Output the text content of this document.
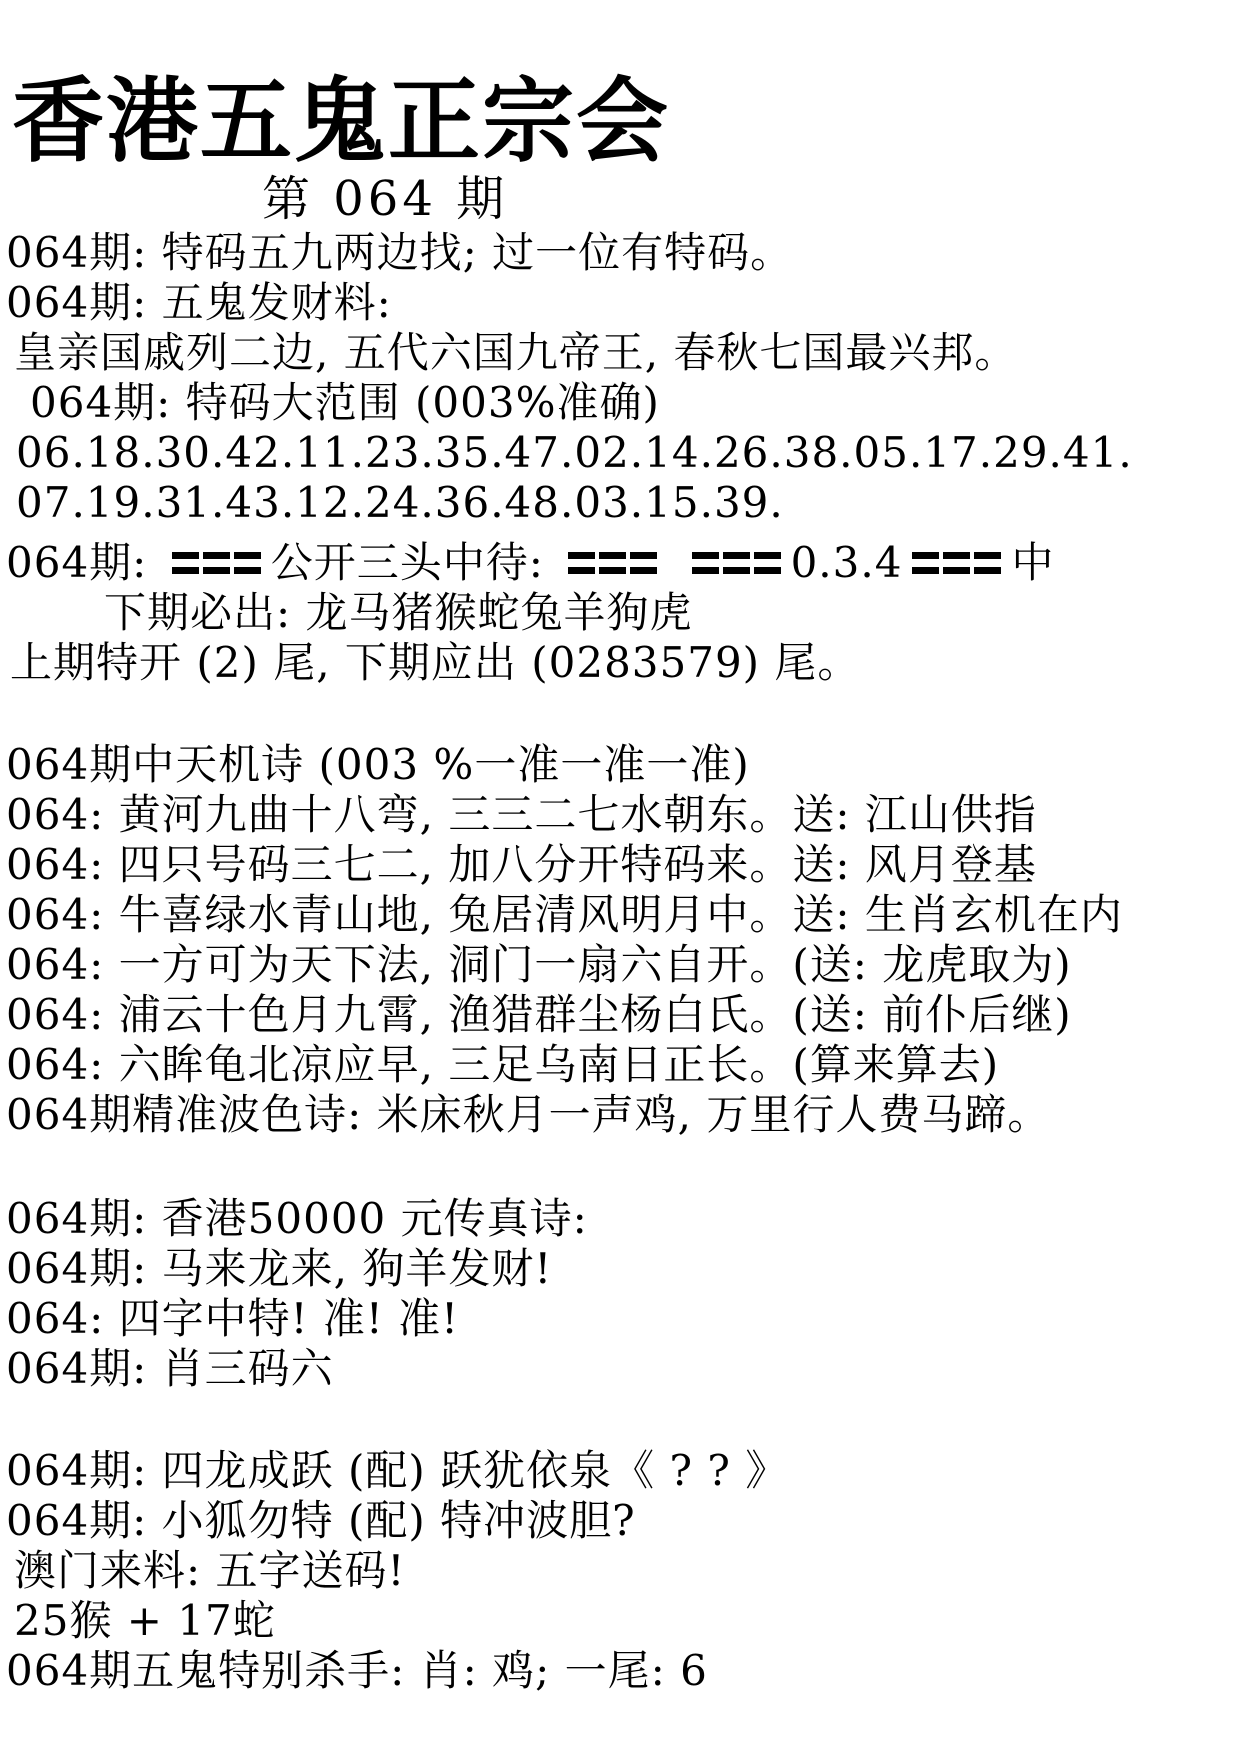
香港五鬼正宗会
第 064 期
064期: 特码五九两边找; 过一位有特码。
064期: 五鬼发财料:
皇亲国戚列二边, 五代六国九帝王, 春秋七国最兴邦。
064期: 特码大范围 (003%准确)
06.18.30.42.11.23.35.47.02.14.26.38.05.17.29.41.
07.19.31.43.12.24.36.48.03.15.39.
下期必出: 龙马猪猴蛇兔羊狗虎
上期特开 (2) 尾, 下期应出 (0283579) 尾。
064期中天机诗 (003 %一准一准一准)
064: 黄河九曲十八弯, 三三二七水朝东。送: 江山供指
064: 四只号码三七二, 加八分开特码来。送: 风月登基
064: 牛喜绿水青山地, 兔居清风明月中。送: 生肖玄机在内
064: 一方可为天下法, 洞门一扇六自开。(送: 龙虎取为)
064: 浦云十色月九霄, 渔猎群尘杨白氏。(送: 前仆后继)
064: 六眸龟北凉应早, 三足乌南日正长。(算来算去)
064期精准波色诗: 米床秋月一声鸡, 万里行人费马蹄。
064期: 香港50000 元传真诗:
064期: 马来龙来, 狗羊发财!
064: 四字中特! 准! 准!
064期: 肖三码六
064期: 四龙成跃 (配) 跃犹依泉《 ? ? 》
064期: 小狐勿特 (配) 特冲波胆?
澳门来料: 五字送码!
25猴 + 17蛇
064期五鬼特别杀手: 肖: 鸡; 一尾: 6
064期:	公开三头中待:	0.3.4	中
